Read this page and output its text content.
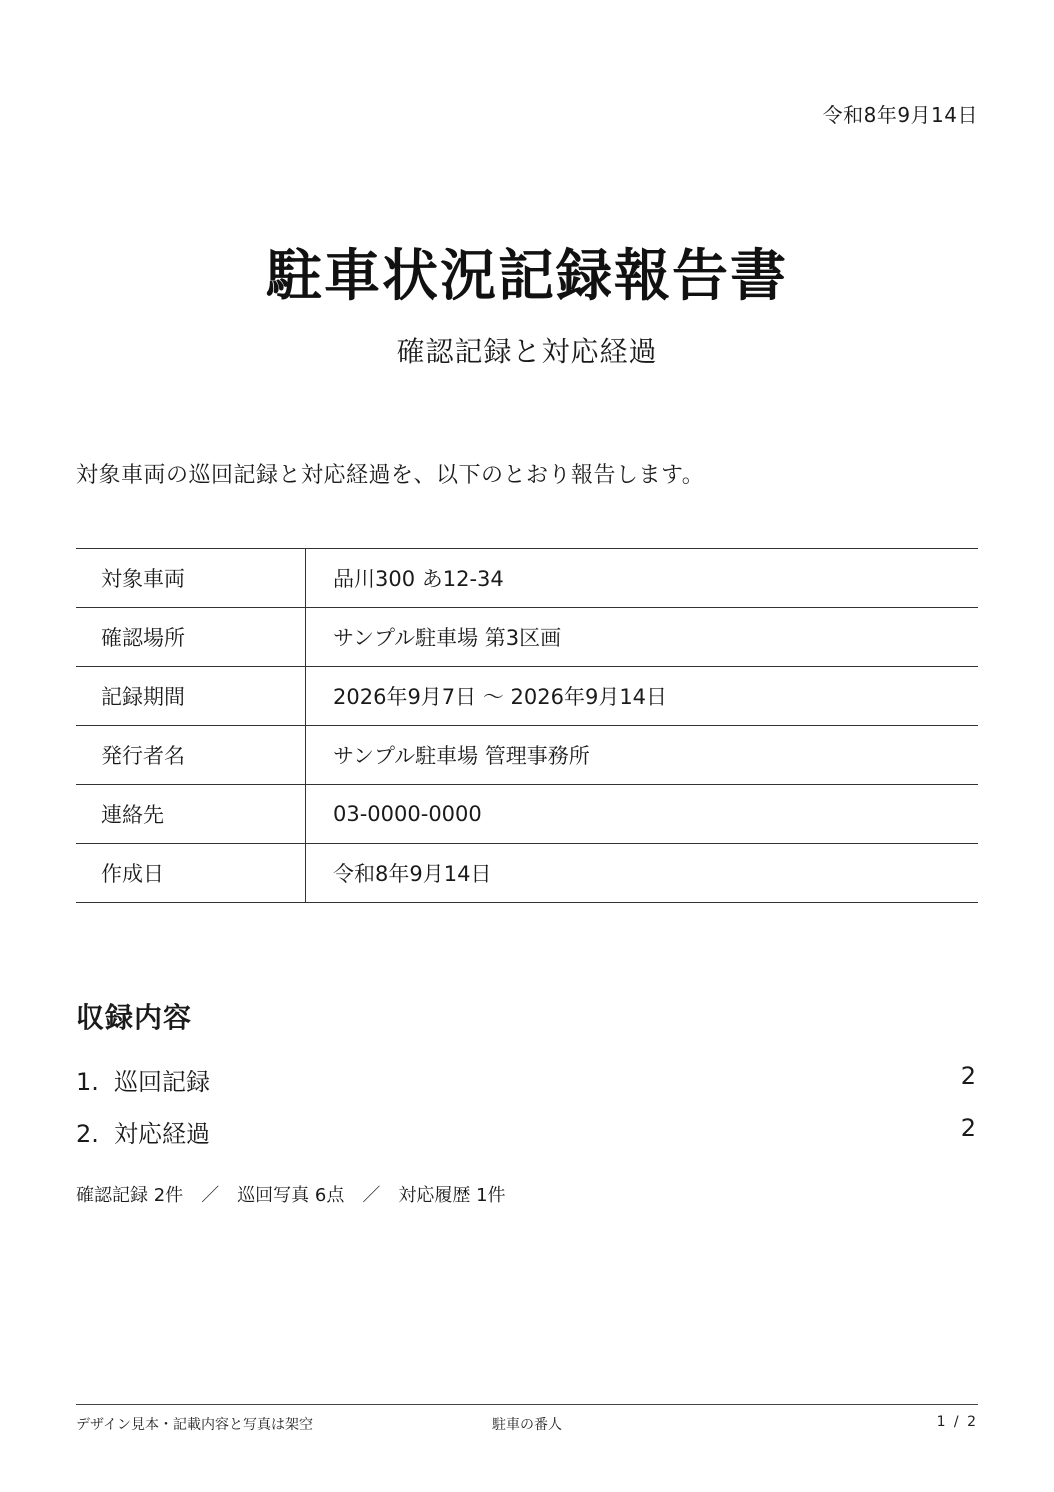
令和8年9月14日
駐車状況記録報告書
確認記録と対応経過
対象車両の巡回記録と対応経過を、以下のとおり報告します。
対象車両	品川300 あ12-34
確認場所	サンプル駐車場 第3区画
記録期間	2026年9月7日 〜 2026年9月14日
発行者名	サンプル駐車場 管理事務所
連絡先	03-0000-0000
作成日	令和8年9月14日
収録内容
1. 巡回記録	2
2. 対応経過	2
確認記録 2件 ／ 巡回写真 6点 ／ 対応履歴 1件
デザイン見本・記載内容と写真は架空	駐車の番人	1 / 2
